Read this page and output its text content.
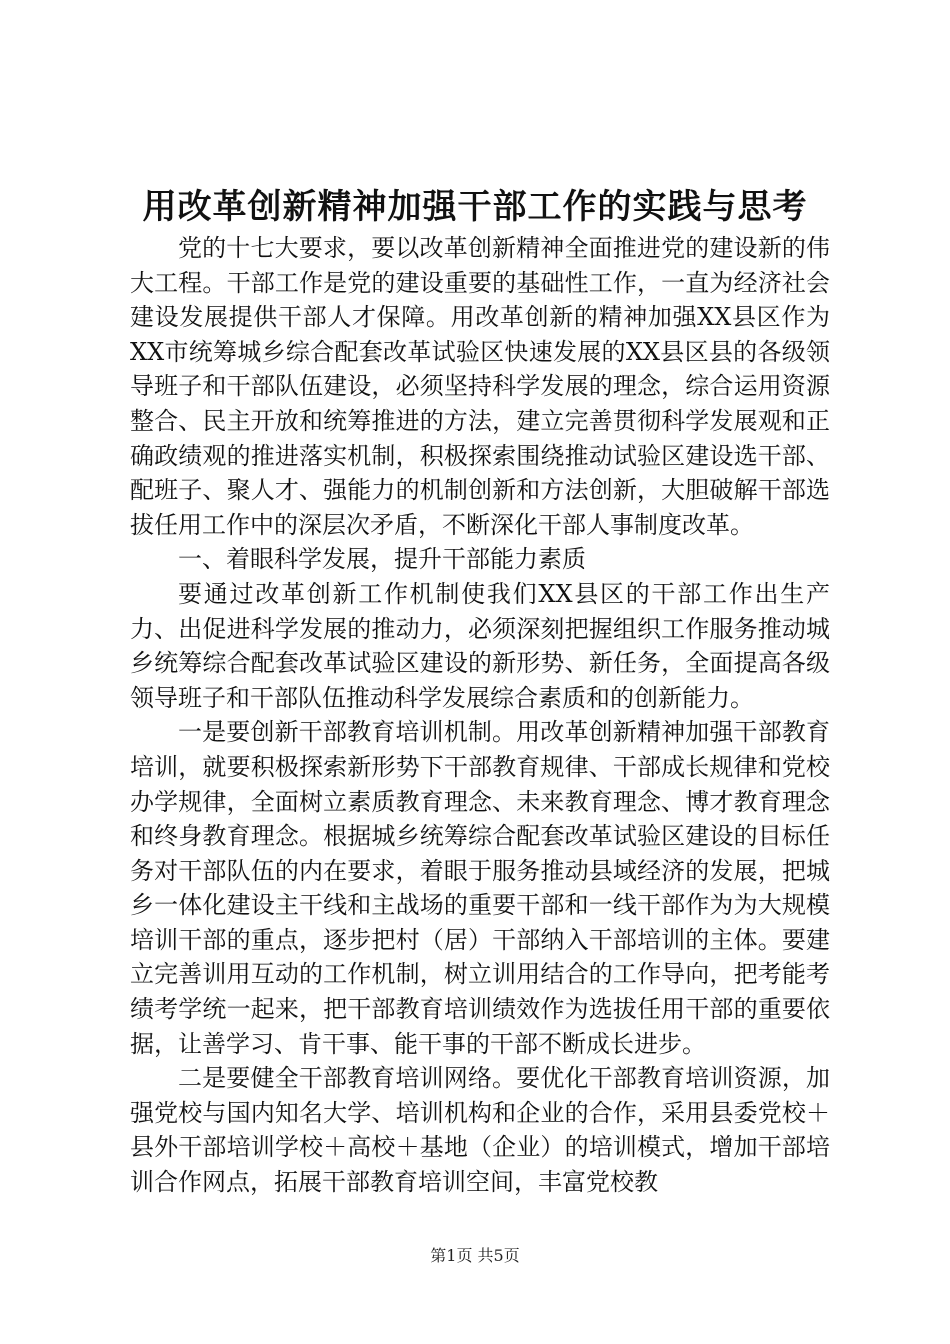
用改革创新精神加强干部工作的实践与思考

党的十七大要求，要以改革创新精神全面推进党的建设新的伟大工程。干部工作是党的建设重要的基础性工作，一直为经济社会建设发展提供干部人才保障。用改革创新的精神加强XX县区作为XX市统筹城乡综合配套改革试验区快速发展的XX县区县的各级领导班子和干部队伍建设，必须坚持科学发展的理念，综合运用资源整合、民主开放和统筹推进的方法，建立完善贯彻科学发展观和正确政绩观的推进落实机制，积极探索围绕推动试验区建设选干部、配班子、聚人才、强能力的机制创新和方法创新，大胆破解干部选拔任用工作中的深层次矛盾，不断深化干部人事制度改革。

一、着眼科学发展，提升干部能力素质

要通过改革创新工作机制使我们XX县区的干部工作出生产力、出促进科学发展的推动力，必须深刻把握组织工作服务推动城乡统筹综合配套改革试验区建设的新形势、新任务，全面提高各级领导班子和干部队伍推动科学发展综合素质和的创新能力。

一是要创新干部教育培训机制。用改革创新精神加强干部教育培训，就要积极探索新形势下干部教育规律、干部成长规律和党校办学规律，全面树立素质教育理念、未来教育理念、博才教育理念和终身教育理念。根据城乡统筹综合配套改革试验区建设的目标任务对干部队伍的内在要求，着眼于服务推动县域经济的发展，把城乡一体化建设主干线和主战场的重要干部和一线干部作为为大规模培训干部的重点，逐步把村（居）干部纳入干部培训的主体。要建立完善训用互动的工作机制，树立训用结合的工作导向，把考能考绩考学统一起来，把干部教育培训绩效作为选拔任用干部的重要依据，让善学习、肯干事、能干事的干部不断成长进步。

二是要健全干部教育培训网络。要优化干部教育培训资源，加强党校与国内知名大学、培训机构和企业的合作，采用县委党校＋县外干部培训学校＋高校＋基地（企业）的培训模式，增加干部培训合作网点，拓展干部教育培训空间，丰富党校教

第1页 共5页
